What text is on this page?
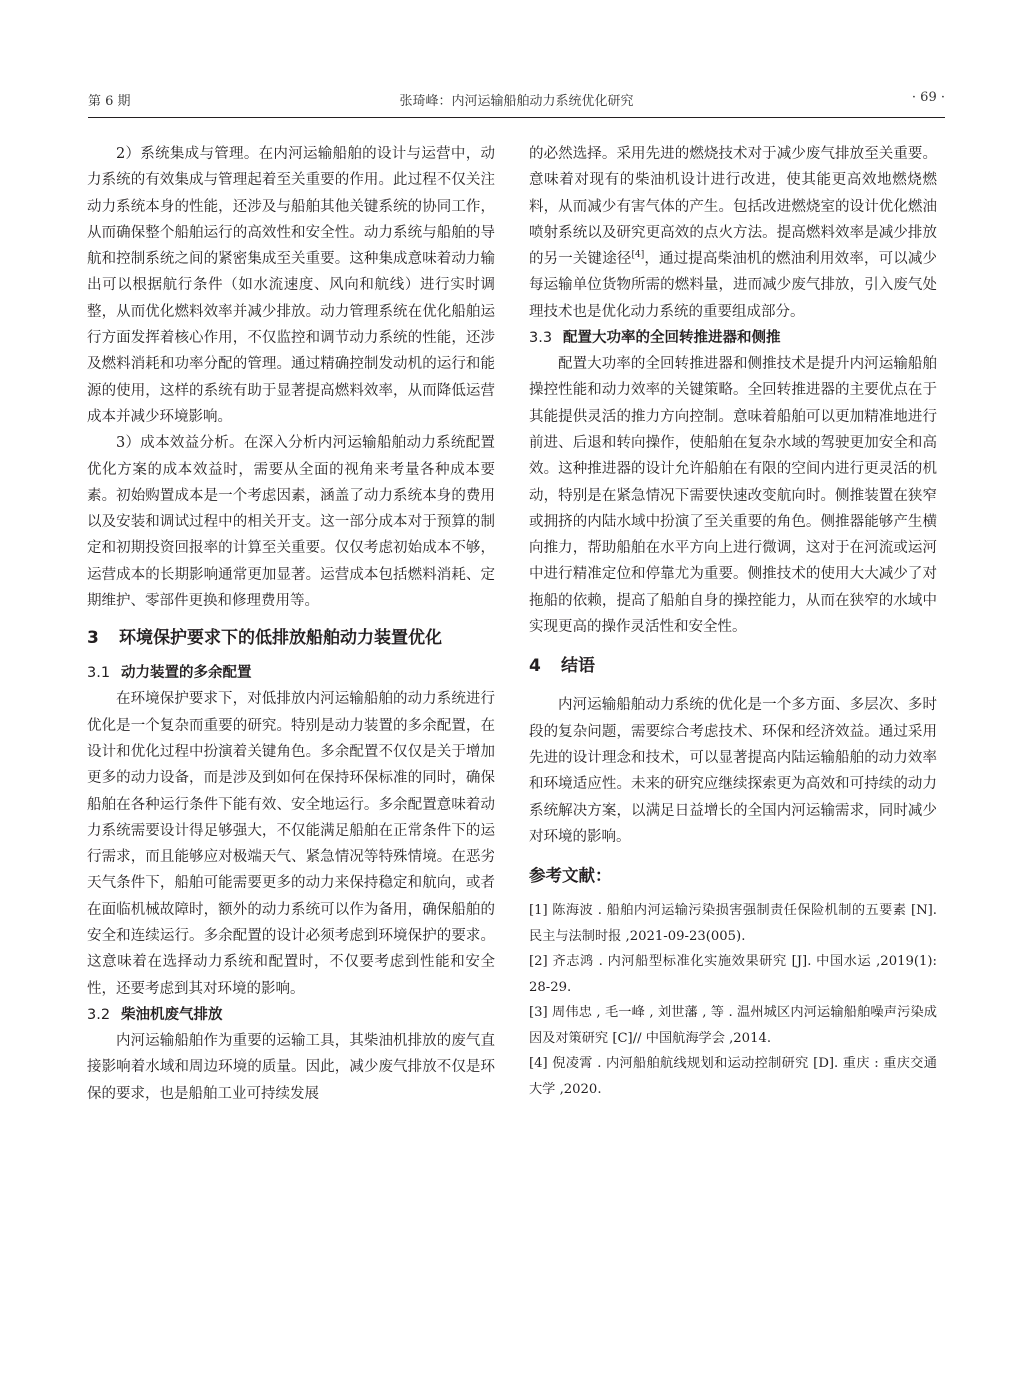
第 6 期	张琦峰：内河运输船舶动力系统优化研究	· 69 ·

2）系统集成与管理。在内河运输船舶的设计与运营中，动力系统的有效集成与管理起着至关重要的作用。此过程不仅关注动力系统本身的性能，还涉及与船舶其他关键系统的协同工作，从而确保整个船舶运行的高效性和安全性。动力系统与船舶的导航和控制系统之间的紧密集成至关重要。这种集成意味着动力输出可以根据航行条件（如水流速度、风向和航线）进行实时调整，从而优化燃料效率并减少排放。动力管理系统在优化船舶运行方面发挥着核心作用，不仅监控和调节动力系统的性能，还涉及燃料消耗和功率分配的管理。通过精确控制发动机的运行和能源的使用，这样的系统有助于显著提高燃料效率，从而降低运营成本并减少环境影响。

3）成本效益分析。在深入分析内河运输船舶动力系统配置优化方案的成本效益时，需要从全面的视角来考量各种成本要素。初始购置成本是一个考虑因素，涵盖了动力系统本身的费用以及安装和调试过程中的相关开支。这一部分成本对于预算的制定和初期投资回报率的计算至关重要。仅仅考虑初始成本不够，运营成本的长期影响通常更加显著。运营成本包括燃料消耗、定期维护、零部件更换和修理费用等。

3 环境保护要求下的低排放船舶动力装置优化
3.1 动力装置的多余配置

在环境保护要求下，对低排放内河运输船舶的动力系统进行优化是一个复杂而重要的研究。特别是动力装置的多余配置，在设计和优化过程中扮演着关键角色。多余配置不仅仅是关于增加更多的动力设备，而是涉及到如何在保持环保标准的同时，确保船舶在各种运行条件下能有效、安全地运行。多余配置意味着动力系统需要设计得足够强大，不仅能满足船舶在正常条件下的运行需求，而且能够应对极端天气、紧急情况等特殊情境。在恶劣天气条件下，船舶可能需要更多的动力来保持稳定和航向，或者在面临机械故障时，额外的动力系统可以作为备用，确保船舶的安全和连续运行。多余配置的设计必须考虑到环境保护的要求。这意味着在选择动力系统和配置时，不仅要考虑到性能和安全性，还要考虑到其对环境的影响。

3.2 柴油机废气排放

内河运输船舶作为重要的运输工具，其柴油机排放的废气直接影响着水域和周边环境的质量。因此，减少废气排放不仅是环保的要求，也是船舶工业可持续发展

的必然选择。采用先进的燃烧技术对于减少废气排放至关重要。意味着对现有的柴油机设计进行改进，使其能更高效地燃烧燃料，从而减少有害气体的产生。包括改进燃烧室的设计优化燃油喷射系统以及研究更高效的点火方法。提高燃料效率是减少排放的另一关键途径[4]，通过提高柴油机的燃油利用效率，可以减少每运输单位货物所需的燃料量，进而减少废气排放，引入废气处理技术也是优化动力系统的重要组成部分。

3.3 配置大功率的全回转推进器和侧推

配置大功率的全回转推进器和侧推技术是提升内河运输船舶操控性能和动力效率的关键策略。全回转推进器的主要优点在于其能提供灵活的推力方向控制。意味着船舶可以更加精准地进行前进、后退和转向操作，使船舶在复杂水域的驾驶更加安全和高效。这种推进器的设计允许船舶在有限的空间内进行更灵活的机动，特别是在紧急情况下需要快速改变航向时。侧推装置在狭窄或拥挤的内陆水域中扮演了至关重要的角色。侧推器能够产生横向推力，帮助船舶在水平方向上进行微调，这对于在河流或运河中进行精准定位和停靠尤为重要。侧推技术的使用大大减少了对拖船的依赖，提高了船舶自身的操控能力，从而在狭窄的水域中实现更高的操作灵活性和安全性。

4 结语

内河运输船舶动力系统的优化是一个多方面、多层次、多时段的复杂问题，需要综合考虑技术、环保和经济效益。通过采用先进的设计理念和技术，可以显著提高内陆运输船舶的动力效率和环境适应性。未来的研究应继续探索更为高效和可持续的动力系统解决方案，以满足日益增长的全国内河运输需求，同时减少对环境的影响。

参考文献：

[1] 陈海波 . 船舶内河运输污染损害强制责任保险机制的五要素 [N]. 民主与法制时报 ,2021-09-23(005).

[2] 齐志鸿 . 内河船型标准化实施效果研究 [J]. 中国水运 ,2019(1): 28-29.

[3] 周伟忠 , 毛一峰 , 刘世藩 , 等 . 温州城区内河运输船舶噪声污染成因及对策研究 [C]// 中国航海学会 ,2014.

[4] 倪凌霄 . 内河船舶航线规划和运动控制研究 [D]. 重庆 : 重庆交通大学 ,2020.
